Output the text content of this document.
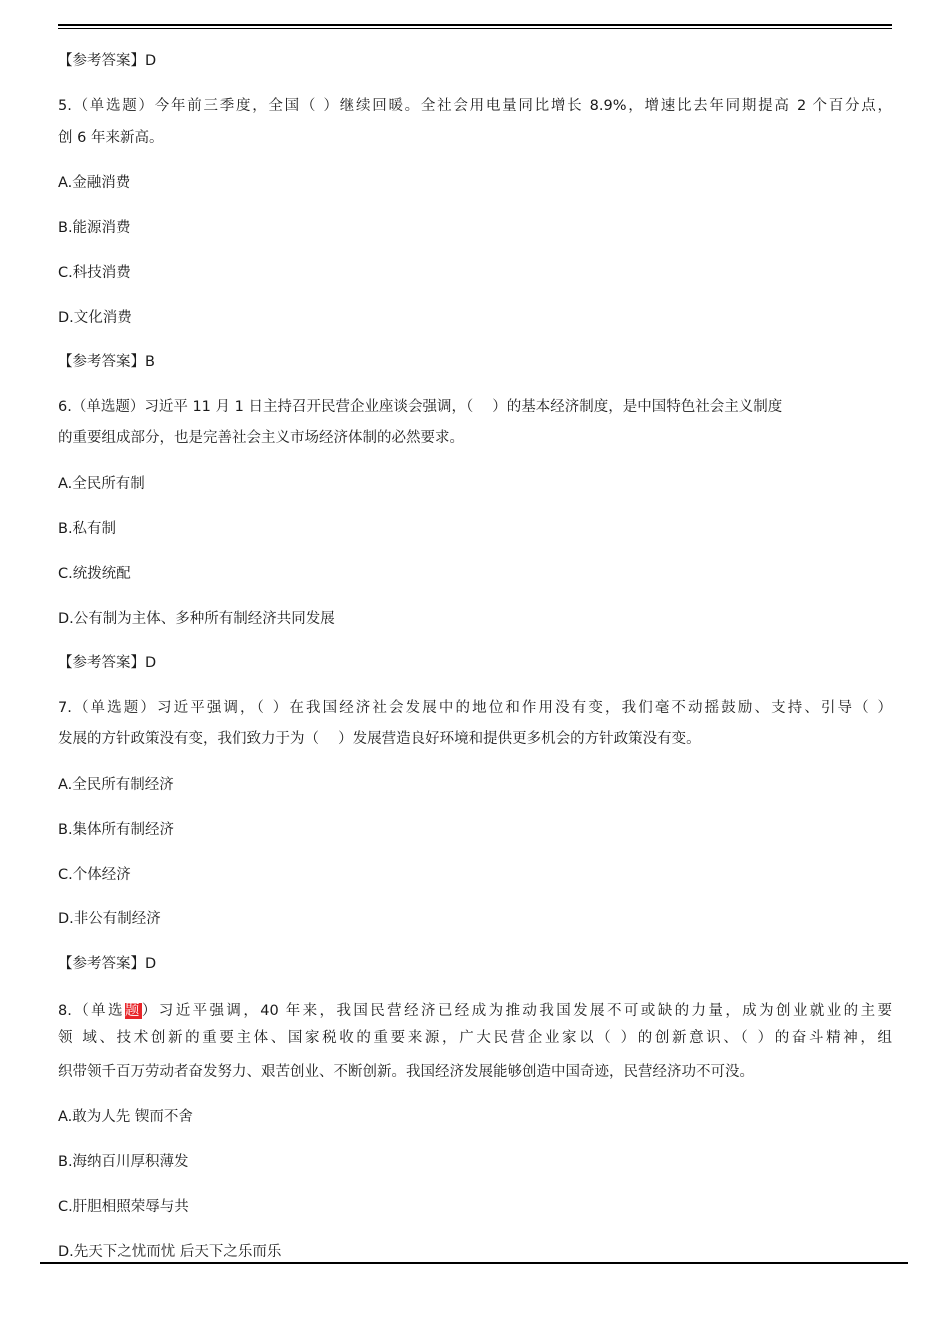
【参考答案】D
5.（单选题）今年前三季度，全国（ ）继续回暖。全社会用电量同比增长 8.9%，增速比去年同期提高 2 个百分点，
创 6 年来新高。
A.金融消费
B.能源消费
C.科技消费
D.文化消费
【参考答案】B
6.（单选题）习近平 11 月 1 日主持召开民营企业座谈会强调，（　 ）的基本经济制度，是中国特色社会主义制度
的重要组成部分，也是完善社会主义市场经济体制的必然要求。
A.全民所有制
B.私有制
C.统拨统配
D.公有制为主体、多种所有制经济共同发展
【参考答案】D
7.（单选题）习近平强调，（ ）在我国经济社会发展中的地位和作用没有变，我们毫不动摇鼓励、支持、引导（ ）
发展的方针政策没有变，我们致力于为（　 ）发展营造良好环境和提供更多机会的方针政策没有变。
A.全民所有制经济
B.集体所有制经济
C.个体经济
D.非公有制经济
【参考答案】D
8.（单选题）习近平强调，40 年来，我国民营经济已经成为推动我国发展不可或缺的力量，成为创业就业的主要
领 域、技术创新的重要主体、国家税收的重要来源，广大民营企业家以（ ）的创新意识、（ ）的奋斗精神，组
织带领千百万劳动者奋发努力、艰苦创业、不断创新。我国经济发展能够创造中国奇迹，民营经济功不可没。
A.敢为人先 锲而不舍
B.海纳百川厚积薄发
C.肝胆相照荣辱与共
D.先天下之忧而忧 后天下之乐而乐
